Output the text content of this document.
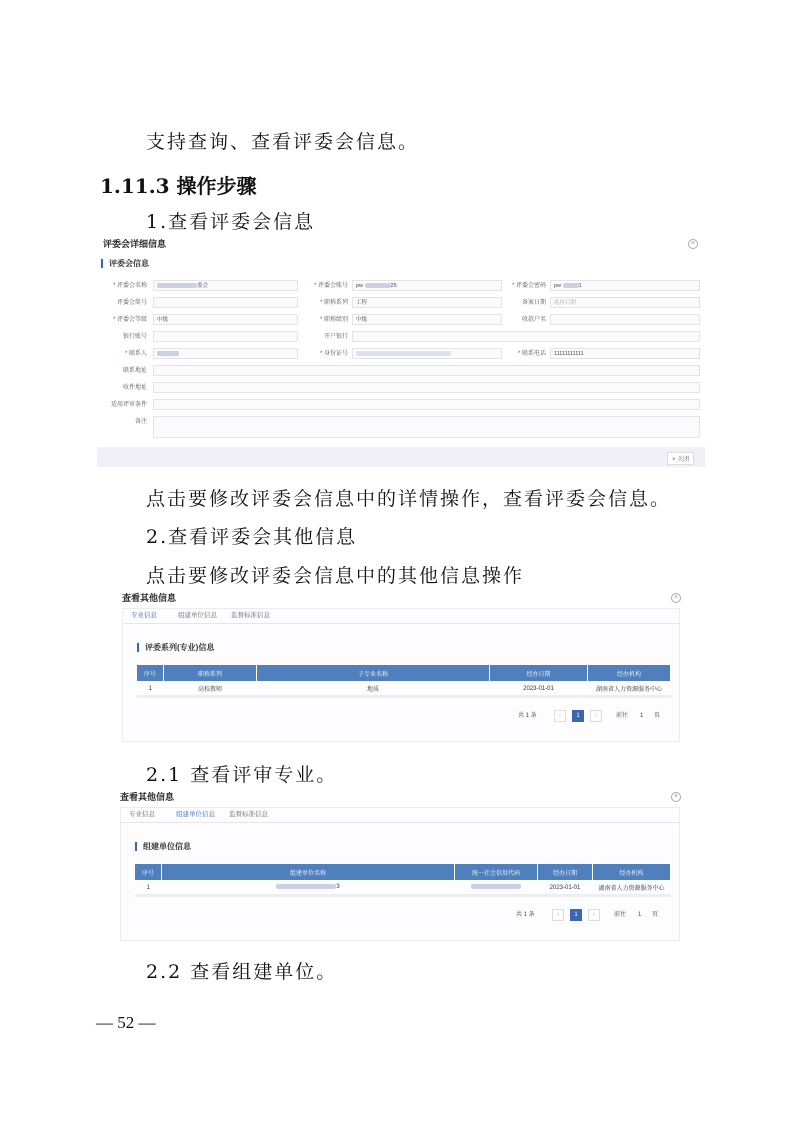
支持查询、查看评委会信息。
1.11.3 操作步骤
1.查看评委会信息
评委会详细信息	×
评委会信息
* 评委会名称	委会	* 评委会账号	pw	25	* 评委会密码	pw	1
评委会简号	* 职称系列	工程	备案日期	选择日期
* 评委会等级	中级	* 职称级别	中级	收款户名
银行账号	开户银行
* 联系人	* 身份证号	* 联系电话	11111111111
联系地址
收件地址
适用评审条件
备注
× 关闭
点击要修改评委会信息中的详情操作，查看评委会信息。
2.查看评委会其他信息
点击要修改评委会信息中的其他信息操作
查看其他信息	×
专业信息	组建单位信息 监督标准信息
评委系列(专业)信息
序号	职称系列	子专业名称	经办日期	经办机构
1	高校教师	地质	2023-01-01	湖南省人力资源服务中心
共 1 条	‹	1	›	前往 1 页
2.1 查看评审专业。
查看其他信息	×
专业信息	组建单位信息 监督标准信息
组建单位信息
序号	组建单位名称	统一社会信用代码	经办日期	经办机构
1	3		2023-01-01	湖南省人力资源服务中心
共 1 条	‹	1	›	前往 1 页
2.2 查看组建单位。
— 52 —
